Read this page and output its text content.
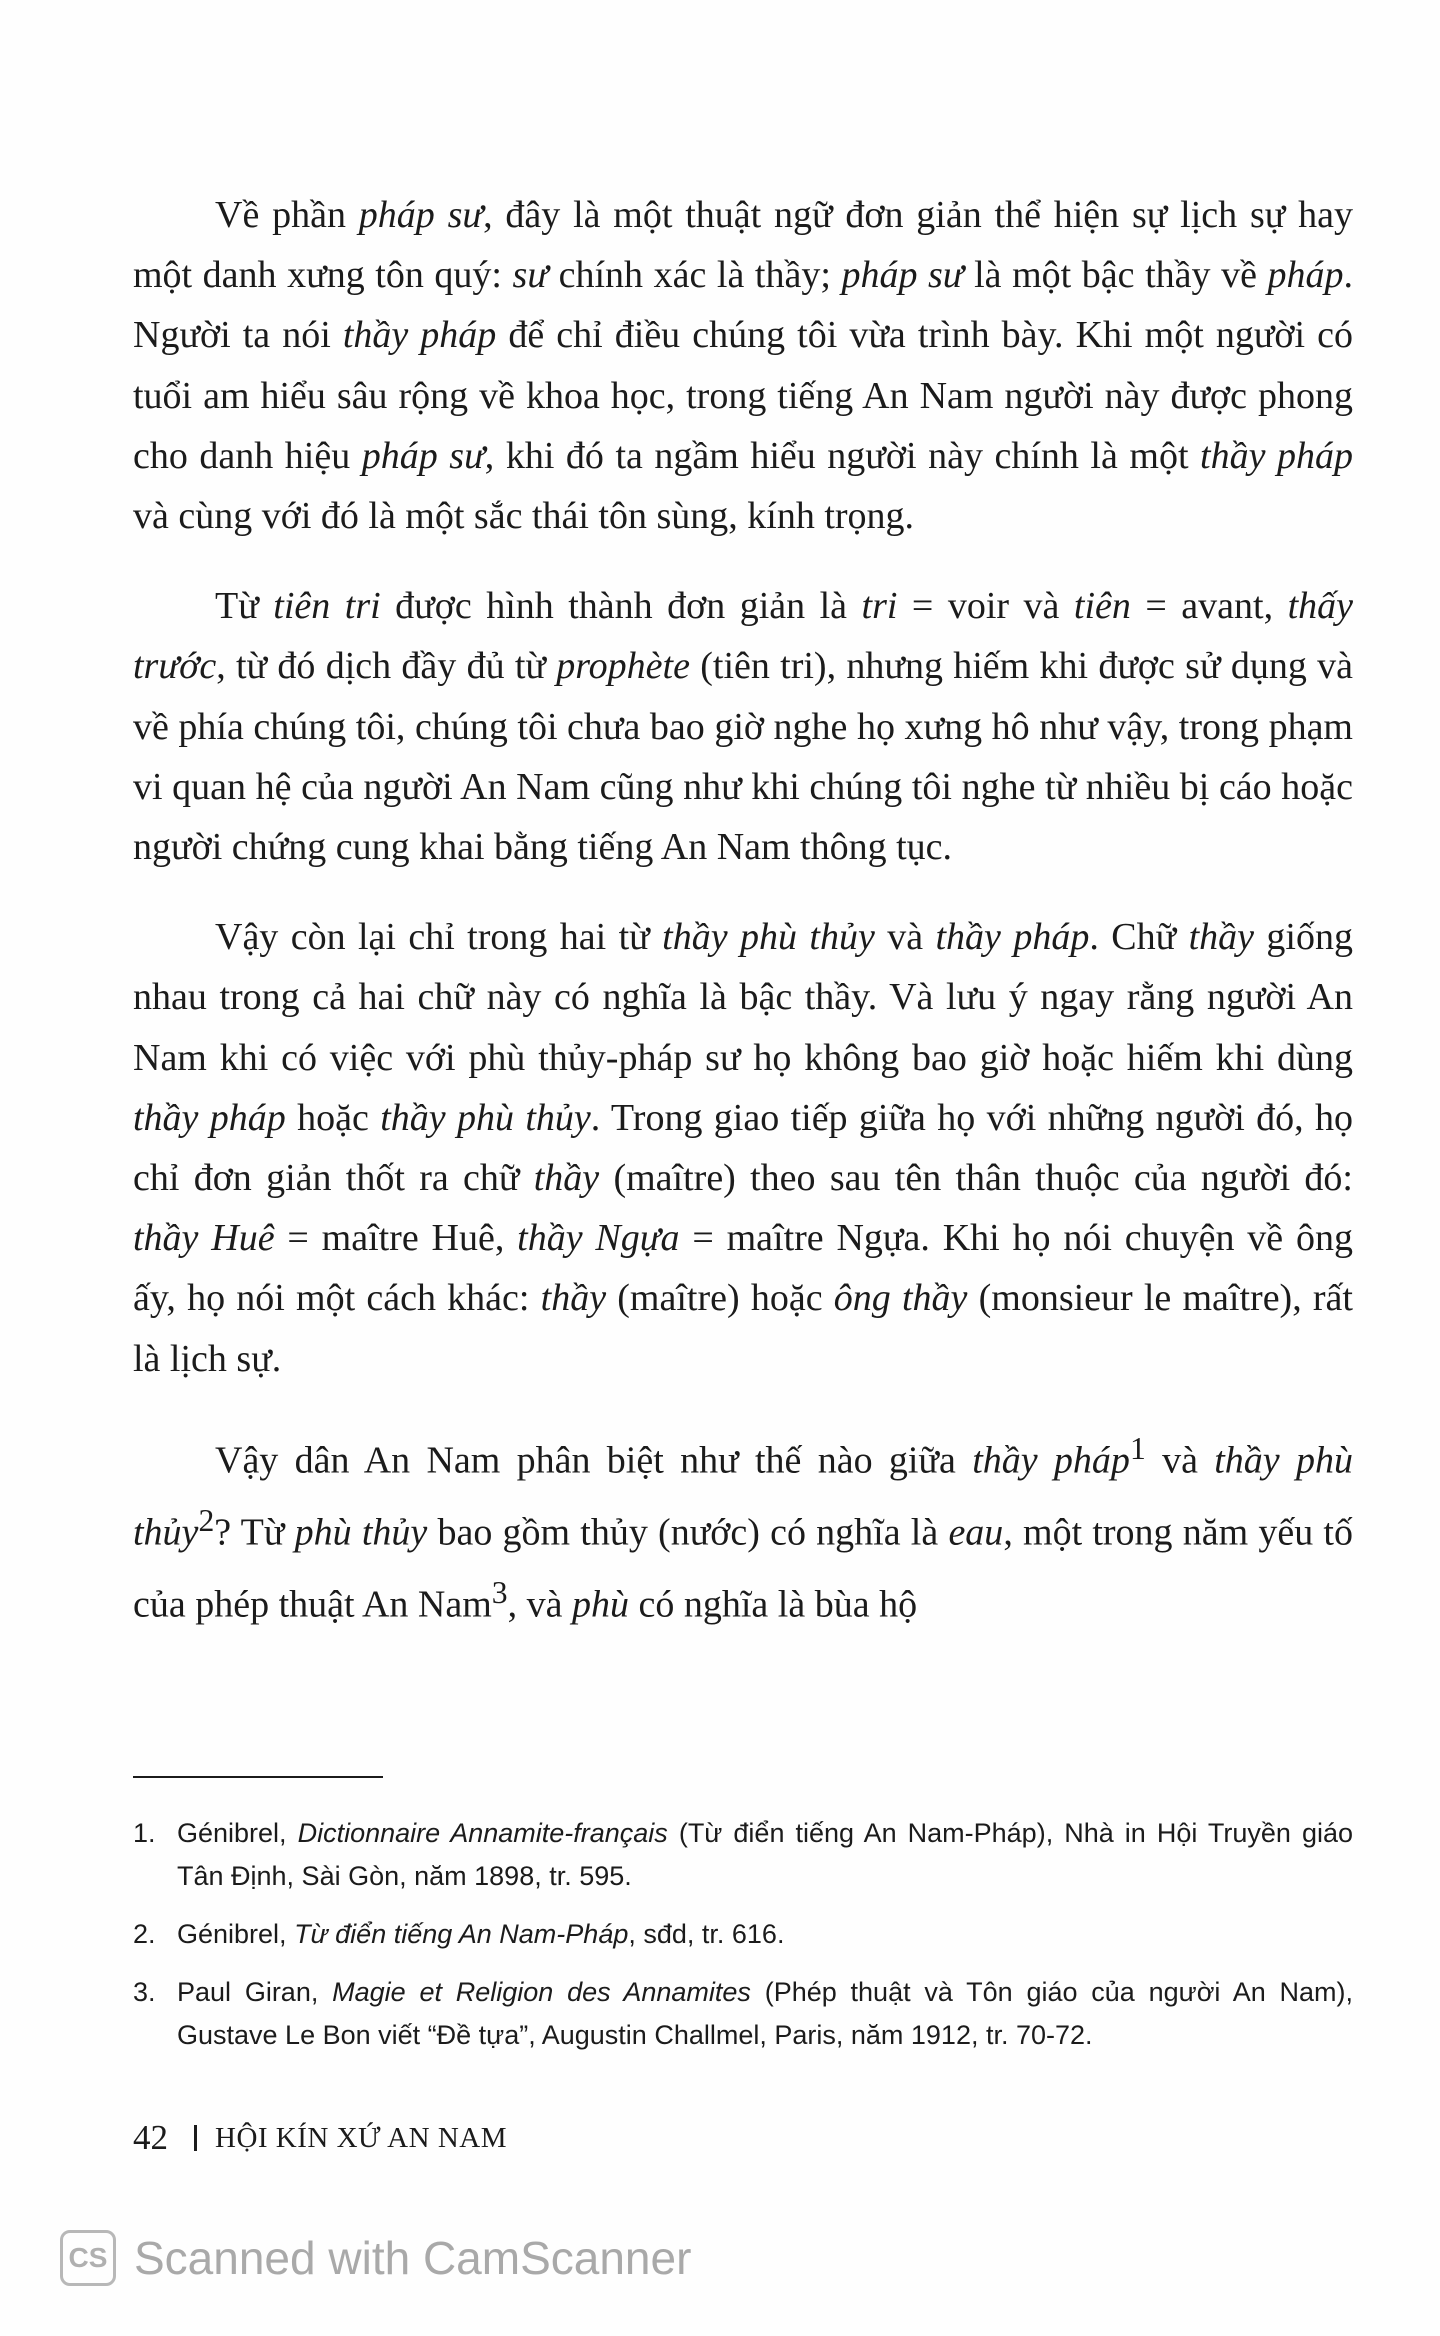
Về phần pháp sư, đây là một thuật ngữ đơn giản thể hiện sự lịch sự hay một danh xưng tôn quý: sư chính xác là thầy; pháp sư là một bậc thầy về pháp. Người ta nói thầy pháp để chỉ điều chúng tôi vừa trình bày. Khi một người có tuổi am hiểu sâu rộng về khoa học, trong tiếng An Nam người này được phong cho danh hiệu pháp sư, khi đó ta ngầm hiểu người này chính là một thầy pháp và cùng với đó là một sắc thái tôn sùng, kính trọng.

Từ tiên tri được hình thành đơn giản là tri = voir và tiên = avant, thấy trước, từ đó dịch đầy đủ từ prophète (tiên tri), nhưng hiếm khi được sử dụng và về phía chúng tôi, chúng tôi chưa bao giờ nghe họ xưng hô như vậy, trong phạm vi quan hệ của người An Nam cũng như khi chúng tôi nghe từ nhiều bị cáo hoặc người chứng cung khai bằng tiếng An Nam thông tục.

Vậy còn lại chỉ trong hai từ thầy phù thủy và thầy pháp. Chữ thầy giống nhau trong cả hai chữ này có nghĩa là bậc thầy. Và lưu ý ngay rằng người An Nam khi có việc với phù thủy-pháp sư họ không bao giờ hoặc hiếm khi dùng thầy pháp hoặc thầy phù thủy. Trong giao tiếp giữa họ với những người đó, họ chỉ đơn giản thốt ra chữ thầy (maître) theo sau tên thân thuộc của người đó: thầy Huê = maître Huê, thầy Ngựa = maître Ngựa. Khi họ nói chuyện về ông ấy, họ nói một cách khác: thầy (maître) hoặc ông thầy (monsieur le maître), rất là lịch sự.

Vậy dân An Nam phân biệt như thế nào giữa thầy pháp$^1$ và thầy phù thủy$^2$? Từ phù thủy bao gồm thủy (nước) có nghĩa là eau, một trong năm yếu tố của phép thuật An Nam$^3$, và phù có nghĩa là bùa hộ

1. Génibrel, Dictionnaire Annamite-français (Từ điển tiếng An Nam-Pháp), Nhà in Hội Truyền giáo Tân Định, Sài Gòn, năm 1898, tr. 595.
2. Génibrel, Từ điển tiếng An Nam-Pháp, sđd, tr. 616.
3. Paul Giran, Magie et Religion des Annamites (Phép thuật và Tôn giáo của người An Nam), Gustave Le Bon viết “Đề tựa”, Augustin Challmel, Paris, năm 1912, tr. 70-72.
42 HỘI KÍN XỨ AN NAM
CS Scanned with CamScanner
